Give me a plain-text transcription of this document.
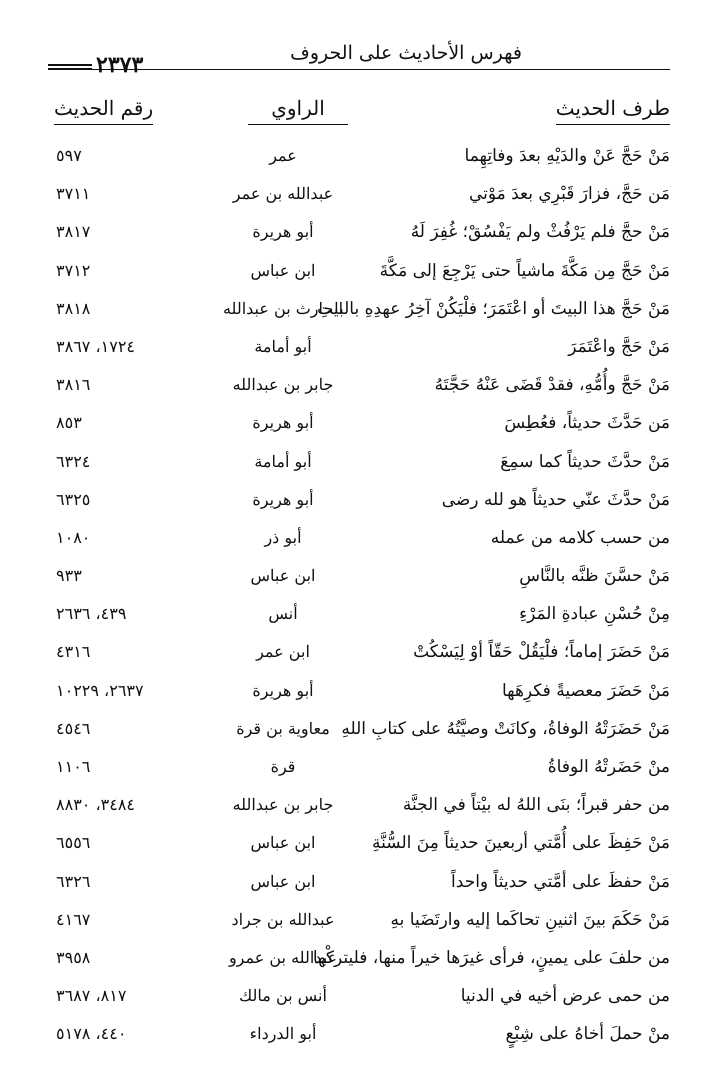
فهرس الأحاديث على الحروف
٢٣٧٣
طرف الحديث
الراوي
رقم الحديث
مَنْ حَجَّ عَنْ والدَيْهِ بعدَ وفاتِهِما
عمر
٥٩٧
مَن حَجَّ، فزارَ قَبْرِي بعدَ مَوْتي
عبدالله بن عمر
٣٧١١
مَنْ حجَّ فلم يَرْفُثْ ولم يَفْسُقْ؛ غُفِرَ لَهُ
أبو هريرة
٣٨١٧
مَنْ حَجَّ مِن مَكَّةَ ماشياً حتى يَرْجِعَ إلى مَكَّةَ
ابن عباس
٣٧١٢
مَنْ حَجَّ هذا البيتَ أو اعْتَمَرَ؛ فلْيَكُنْ آخِرُ عهدِهِ بالبيتِ
الحارث بن عبدالله
٣٨١٨
مَنْ حَجَّ واعْتَمَرَ
أبو أمامة
١٧٢٤، ٣٨٦٧
مَنْ حَجَّ وأُمُّهِ، فقدْ قَضَى عَنْهُ حَجَّتَهُ
جابر بن عبدالله
٣٨١٦
مَن حَدَّثَ حديثاً، فعُطِسَ
أبو هريرة
٨٥٣
مَنْ حدَّثَ حديثاً كما سمِعَ
أبو أمامة
٦٣٢٤
مَنْ حدَّثَ عنّي حديثاً هو لله رضى
أبو هريرة
٦٣٢٥
من حسب كلامه من عمله
أبو ذر
١٠٨٠
مَنْ حسَّنَ ظنَّه بالنَّاسِ
ابن عباس
٩٣٣
مِنْ حُسْنِ عبادةِ المَرْءِ
أنس
٤٣٩، ٢٦٣٦
مَنْ حَضَرَ إماماً؛ فلْيَقُلْ حَقّاً أوْ لِيَسْكُتْ
ابن عمر
٤٣١٦
مَنْ حَضَرَ معصيةً فكرِهَها
أبو هريرة
٢٦٣٧، ١٠٢٢٩
مَنْ حَضَرَتْهُ الوفاةُ، وكانَتْ وصيَّتُهُ على كتابِ اللهِ
معاوية بن قرة
٤٥٤٦
منْ حَضَرتْهُ الوفاةُ
قرة
١١٠٦
من حفر قبراً؛ بنَى اللهُ له بيْتاً في الجنَّة
جابر بن عبدالله
٣٤٨٤، ٨٨٣٠
مَنْ حَفِظَ على أُمَّتي أربعينَ حديثاً مِنَ السُّنَّةِ
ابن عباس
٦٥٥٦
مَنْ حفظَ على أمَّتي حديثاً واحداً
ابن عباس
٦٣٢٦
مَنْ حَكَمَ بينَ اثنينِ تحاكَما إليه وارتَضَيا بهِ
عبدالله بن جراد
٤١٦٧
من حلفَ على يمينٍ، فرأى غيرَها خيراً منها، فليتركْها
عبدالله بن عمرو
٣٩٥٨
من حمى عرض أخيه في الدنيا
أنس بن مالك
٨١٧، ٣٦٨٧
منْ حملَ أخاهُ على شِبْعٍ
أبو الدرداء
٤٤٠، ٥١٧٨
